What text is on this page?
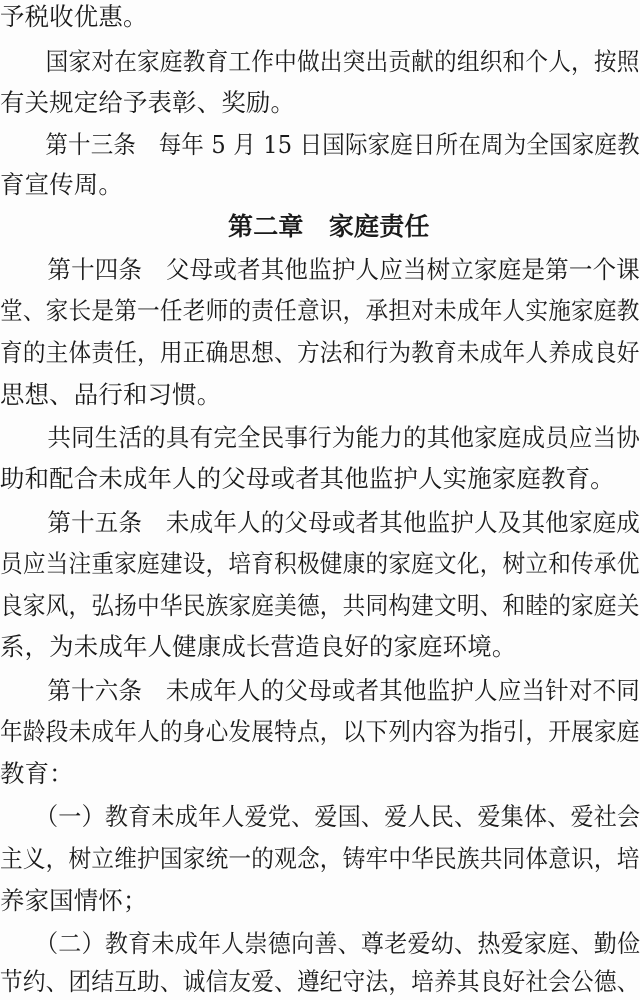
予税收优惠。
　　国家对在家庭教育工作中做出突出贡献的组织和个人，按照
有关规定给予表彰、奖励。
　　第十三条　每年 5 月 15 日国际家庭日所在周为全国家庭教
育宣传周。
第二章　家庭责任
　　第十四条　父母或者其他监护人应当树立家庭是第一个课
堂、家长是第一任老师的责任意识，承担对未成年人实施家庭教
育的主体责任，用正确思想、方法和行为教育未成年人养成良好
思想、品行和习惯。
　　共同生活的具有完全民事行为能力的其他家庭成员应当协
助和配合未成年人的父母或者其他监护人实施家庭教育。
　　第十五条　未成年人的父母或者其他监护人及其他家庭成
员应当注重家庭建设，培育积极健康的家庭文化，树立和传承优
良家风，弘扬中华民族家庭美德，共同构建文明、和睦的家庭关
系，为未成年人健康成长营造良好的家庭环境。
　　第十六条　未成年人的父母或者其他监护人应当针对不同
年龄段未成年人的身心发展特点，以下列内容为指引，开展家庭
教育：
　　（一）教育未成年人爱党、爱国、爱人民、爱集体、爱社会
主义，树立维护国家统一的观念，铸牢中华民族共同体意识，培
养家国情怀；
　　（二）教育未成年人崇德向善、尊老爱幼、热爱家庭、勤俭
节约、团结互助、诚信友爱、遵纪守法，培养其良好社会公德、
